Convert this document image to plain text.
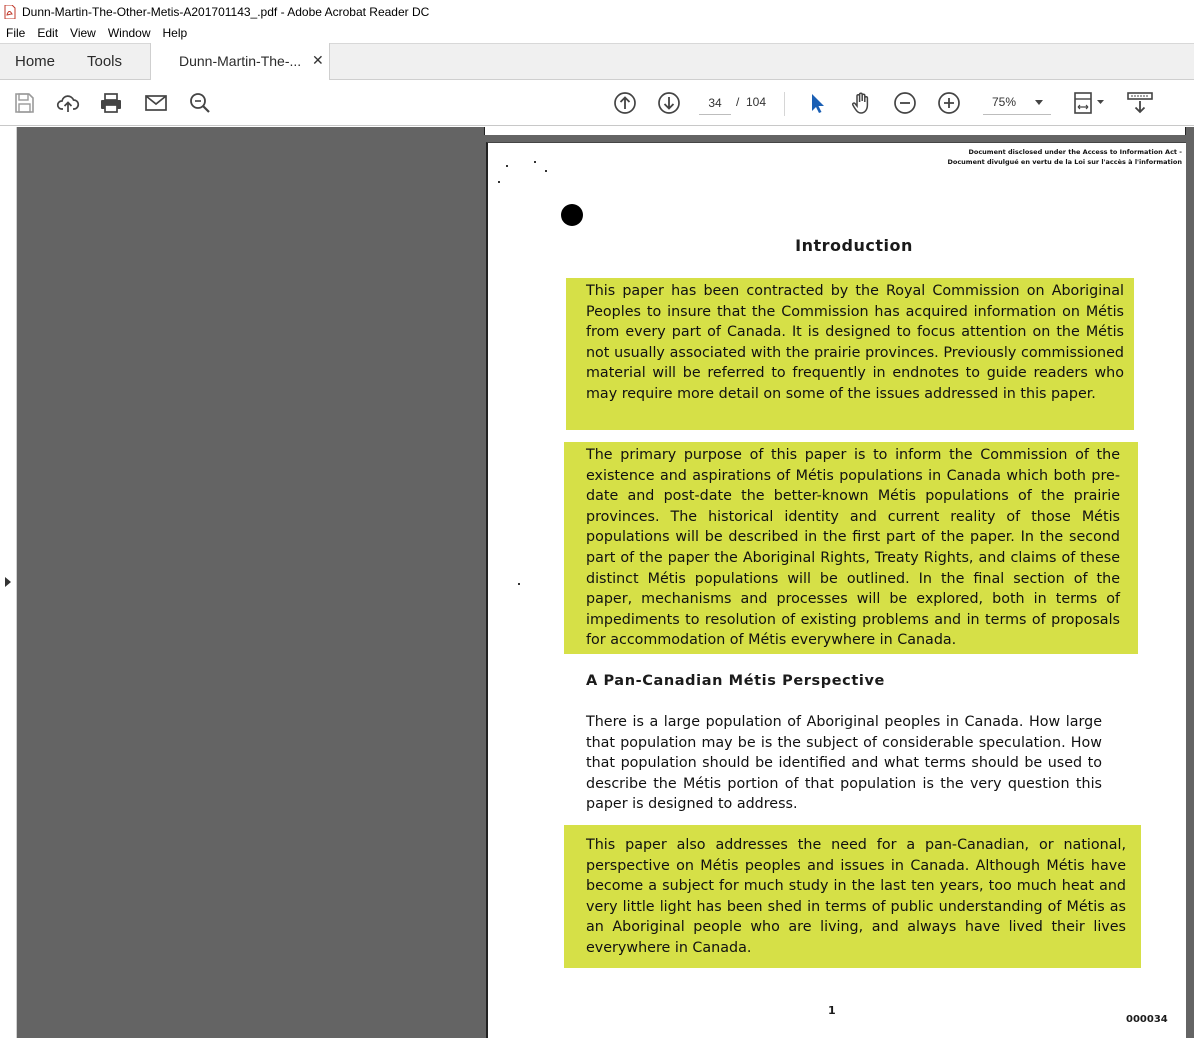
Dunn-Martin-The-Other-Metis-A201701143_.pdf - Adobe Acrobat Reader DC
File	Edit	View	Window	Help
Home Tools	Dunn-Martin-The-... ✕
34
/ 104	75%
Document disclosed under the Access to Information Act -
Document divulgué en vertu de la Loi sur l'accès à l'information
Introduction
This paper has been contracted by the Royal Commission on Aboriginal Peoples to insure that the Commission has acquired information on Métis from every part of Canada. It is designed to focus attention on the Métis not usually associated with the prairie provinces. Previously commissioned material will be referred to frequently in endnotes to guide readers who may require more detail on some of the issues addressed in this paper.
The primary purpose of this paper is to inform the Commission of the existence and aspirations of Métis populations in Canada which both pre-date and post-date the better-known Métis populations of the prairie provinces. The historical identity and current reality of those Métis populations will be described in the first part of the paper. In the second part of the paper the Aboriginal Rights, Treaty Rights, and claims of these distinct Métis populations will be outlined. In the final section of the paper, mechanisms and processes will be explored, both in terms of impediments to resolution of existing problems and in terms of proposals for accommodation of Métis everywhere in Canada.
A Pan-Canadian Métis Perspective
There is a large population of Aboriginal peoples in Canada. How large that population may be is the subject of considerable speculation. How that population should be identified and what terms should be used to describe the Métis portion of that population is the very question this paper is designed to address.
This paper also addresses the need for a pan-Canadian, or national, perspective on Métis peoples and issues in Canada. Although Métis have become a subject for much study in the last ten years, too much heat and very little light has been shed in terms of public understanding of Métis as an Aboriginal people who are living, and always have lived their lives everywhere in Canada.
1
000034
